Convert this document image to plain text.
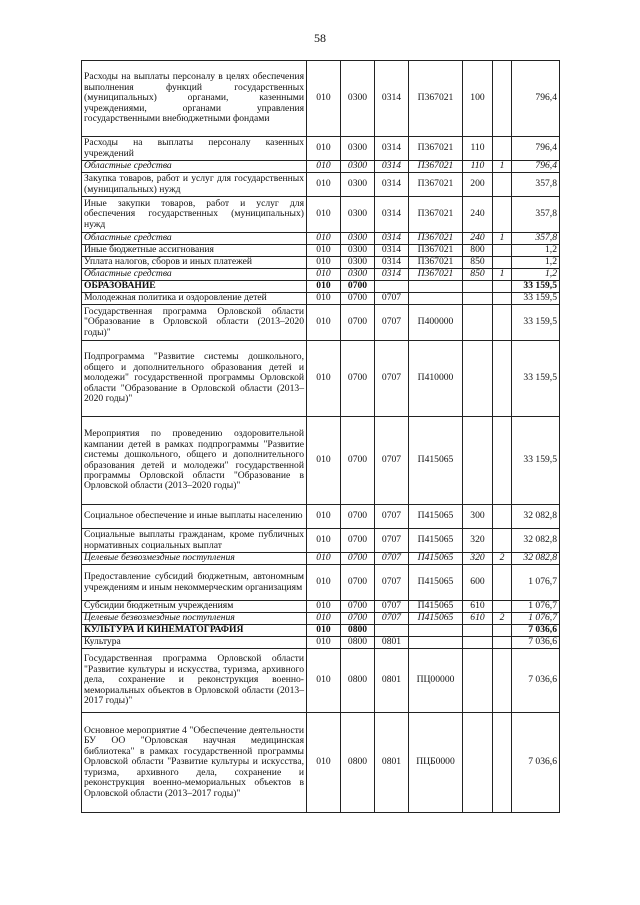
58
Расходы на выплаты персоналу в целях обеспечения выполнения функций государственных (муниципальных) органами, казенными учреждениями, органами управления государственными внебюджетными фондами	010	0300	0314	П367021	100		796,4
Расходы на выплаты персоналу казенных учреждений	010	0300	0314	П367021	110		796,4
Областные средства	010	0300	0314	П367021	110	1	796,4
Закупка товаров, работ и услуг для государственных (муниципальных) нужд	010	0300	0314	П367021	200		357,8
Иные закупки товаров, работ и услуг для обеспечения государственных (муниципальных) нужд	010	0300	0314	П367021	240		357,8
Областные средства	010	0300	0314	П367021	240	1	357,8
Иные бюджетные ассигнования	010	0300	0314	П367021	800		1,2
Уплата налогов, сборов и иных платежей	010	0300	0314	П367021	850		1,2
Областные средства	010	0300	0314	П367021	850	1	1,2
ОБРАЗОВАНИЕ	010	0700					33 159,5
Молодежная политика и оздоровление детей	010	0700	0707				33 159,5
Государственная программа Орловской области "Образование в Орловской области (2013–2020 годы)"	010	0700	0707	П400000			33 159,5
Подпрограмма "Развитие системы дошкольного, общего и дополнительного образования детей и молодежи" государственной программы Орловской области "Образование в Орловской области (2013–2020 годы)"	010	0700	0707	П410000			33 159,5
Мероприятия по проведению оздоровительной кампании детей в рамках подпрограммы "Развитие системы дошкольного, общего и дополнительного образования детей и молодежи" государственной программы Орловской области "Образование в Орловской области (2013–2020 годы)"	010	0700	0707	П415065			33 159,5
Социальное обеспечение и иные выплаты населению	010	0700	0707	П415065	300		32 082,8
Социальные выплаты гражданам, кроме публичных нормативных социальных выплат	010	0700	0707	П415065	320		32 082,8
Целевые безвозмездные поступления	010	0700	0707	П415065	320	2	32 082,8
Предоставление субсидий бюджетным, автономным учреждениям и иным некоммерческим организациям	010	0700	0707	П415065	600		1 076,7
Субсидии бюджетным учреждениям	010	0700	0707	П415065	610		1 076,7
Целевые безвозмездные поступления	010	0700	0707	П415065	610	2	1 076,7
КУЛЬТУРА И КИНЕМАТОГРАФИЯ	010	0800					7 036,6
Культура	010	0800	0801				7 036,6
Государственная программа Орловской области "Развитие культуры и искусства, туризма, архивного дела, сохранение и реконструкция военно-мемориальных объектов в Орловской области (2013–2017 годы)"	010	0800	0801	ПЦ00000			7 036,6
Основное мероприятие 4 "Обеспечение деятельности БУ ОО "Орловская научная медицинская библиотека" в рамках государственной программы Орловской области "Развитие культуры и искусства, туризма, архивного дела, сохранение и реконструкция военно-мемориальных объектов в Орловской области (2013–2017 годы)"	010	0800	0801	ПЦБ0000			7 036,6
